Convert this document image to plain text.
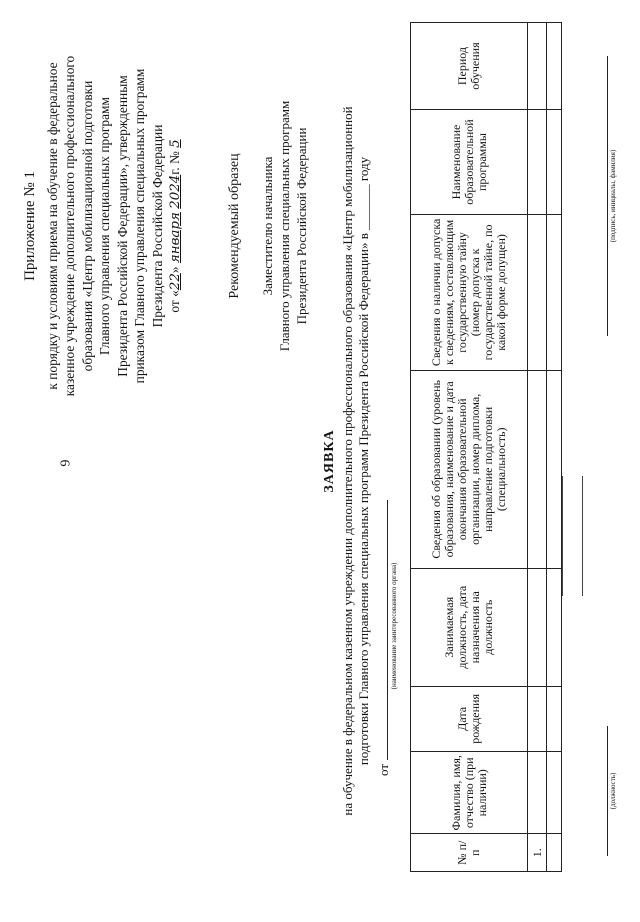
6
Приложение № 1 к порядку и условиям приема на обучение в федеральное казенное учреждение дополнительного профессионального образования «Центр мобилизационной подготовки Главного управления специальных программ Президента Российской Федерации», утвержденным приказом Главного управления специальных программ Президента Российской Федерации от «22» января 2024г. № 5
Рекомендуемый образец Заместителю начальника Главного управления специальных программ Президента Российской Федерации
ЗАЯВКА на обучение в федеральном казенном учреждении дополнительного профессионального образования «Центр мобилизационной подготовки Главного управления специальных программ Президента Российской Федерации» в _______ году
от
(наименование заинтересованного органа)
№ п/п	Фамилия, имя, отчество (при наличии)	Дата рождения	Занимаемая должность, дата назначения на должность	Сведения об образовании (уровень образования, наименование и дата окончания образовательной организации, номер диплома, направление подготовки (специальность)	Сведения о наличии допуска к сведениям, составляющим государственную тайну (номер допуска к государственной тайне, по какой форме допущен)	Наименование образовательной программы	Период обучения
1.							

(должность)
(подпись, инициалы, фамилия)
